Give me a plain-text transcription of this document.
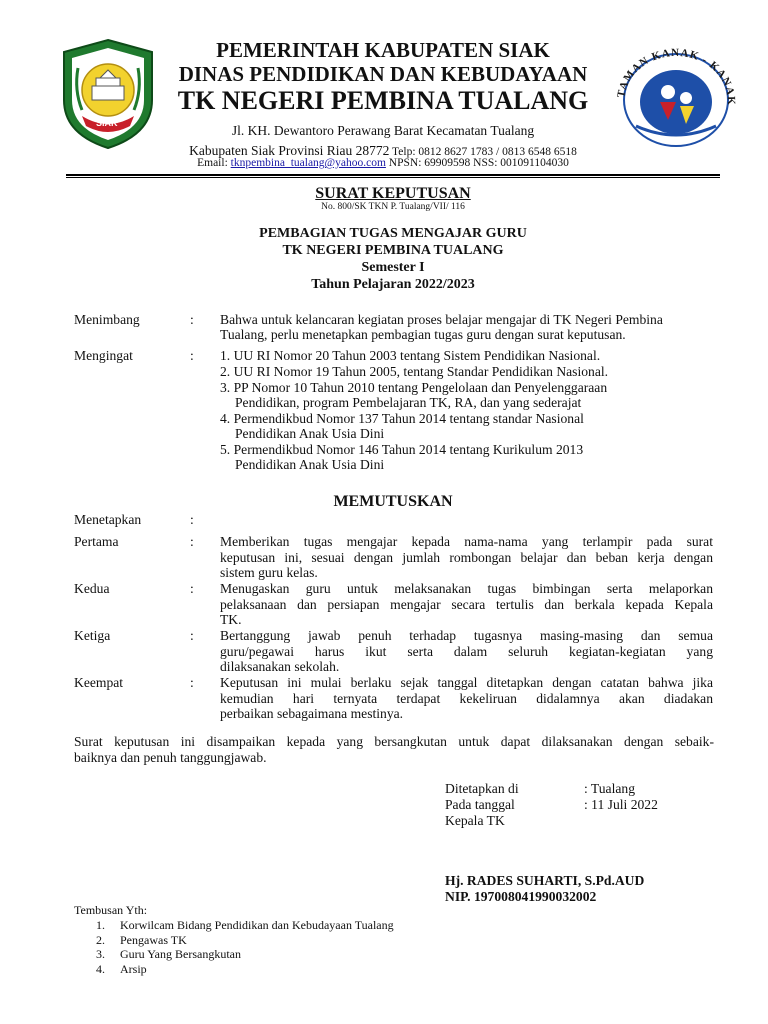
SIAK
TAMAN KANAK - KANAK
PEMERINTAH KABUPATEN SIAK
DINAS PENDIDIKAN DAN KEBUDAYAAN
TK NEGERI PEMBINA TUALANG
Jl. KH. Dewantoro Perawang Barat Kecamatan Tualang
Kabupaten Siak Provinsi Riau 28772 Telp: 0812 8627 1783 / 0813 6548 6518
Email: tknpembina_tualang@yahoo.com NPSN: 69909598 NSS: 001091104030
SURAT KEPUTUSAN
No. 800/SK TKN P. Tualang/VII/ 116
PEMBAGIAN TUGAS MENGAJAR GURU
TK NEGERI PEMBINA TUALANG
Semester I
Tahun Pelajaran 2022/2023
Menimbang	: Bahwa untuk kelancaran kegiatan proses belajar mengajar di TK Negeri Pembina
Tualang, perlu menetapkan pembagian tugas guru dengan surat keputusan.
Mengingat	: 1. UU RI Nomor 20 Tahun 2003 tentang Sistem Pendidikan Nasional.
2. UU RI Nomor 19 Tahun 2005, tentang Standar Pendidikan Nasional.
3. PP Nomor 10 Tahun 2010 tentang Pengelolaan dan Penyelenggaraan
Pendidikan, program Pembelajaran TK, RA, dan yang sederajat
4. Permendikbud Nomor 137 Tahun 2014 tentang standar Nasional
Pendidikan Anak Usia Dini
5. Permendikbud Nomor 146 Tahun 2014 tentang Kurikulum 2013
Pendidikan Anak Usia Dini
MEMUTUSKAN
Menetapkan	:
Pertama	: Memberikan tugas mengajar kepada nama-nama yang terlampir pada surat
keputusan ini, sesuai dengan jumlah rombongan belajar dan beban kerja dengan
sistem guru kelas.
Kedua	: Menugaskan guru untuk melaksanakan tugas bimbingan serta melaporkan
pelaksanaan dan persiapan mengajar secara tertulis dan berkala kepada Kepala
TK.
Ketiga	: Bertanggung jawab penuh terhadap tugasnya masing-masing dan semua
guru/pegawai harus ikut serta dalam seluruh kegiatan-kegiatan yang
dilaksanakan sekolah.
Keempat	: Keputusan ini mulai berlaku sejak tanggal ditetapkan dengan catatan bahwa jika
kemudian hari ternyata terdapat kekeliruan didalamnya akan diadakan
perbaikan sebagaimana mestinya.
Surat keputusan ini disampaikan kepada yang bersangkutan untuk dapat dilaksanakan dengan sebaik-
baiknya dan penuh tanggungjawab.
Ditetapkan di	: Tualang
Pada tanggal	: 11 Juli 2022
Kepala TK
Hj. RADES SUHARTI, S.Pd.AUD
NIP. 197008041990032002
Tembusan Yth:
1. Korwilcam Bidang Pendidikan dan Kebudayaan Tualang
2. Pengawas TK
3. Guru Yang Bersangkutan
4. Arsip
